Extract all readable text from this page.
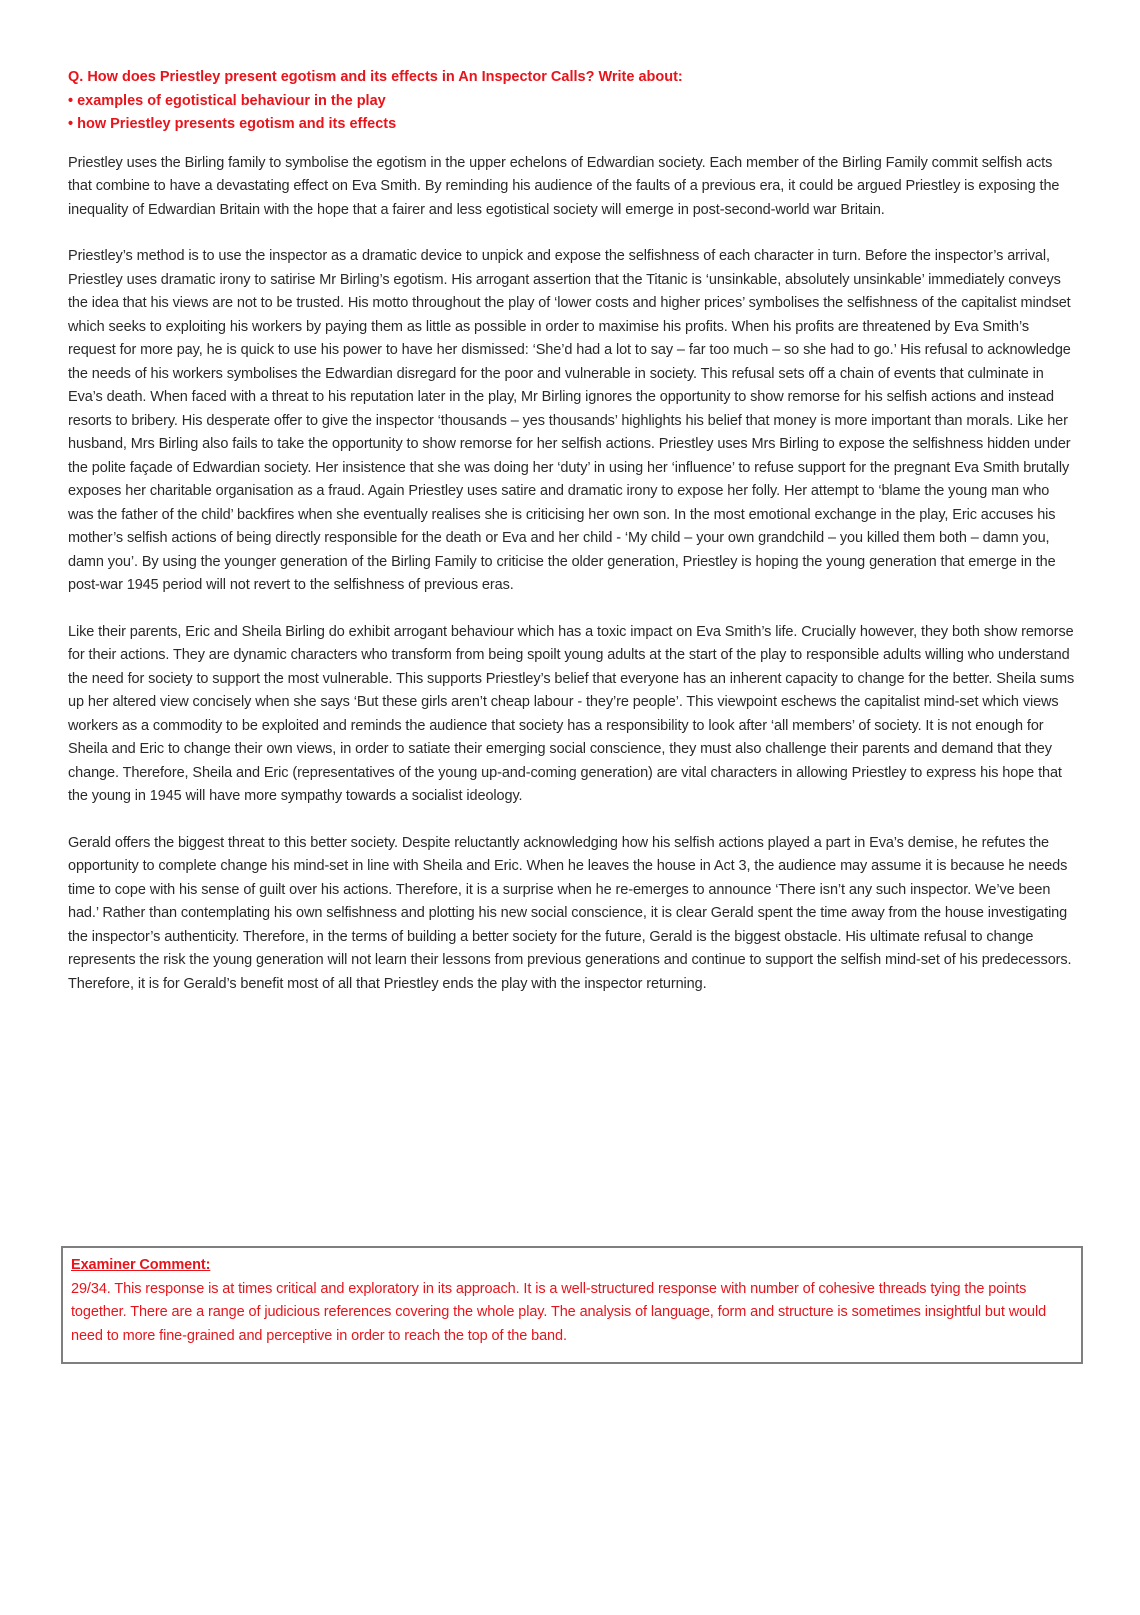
Q. How does Priestley present egotism and its effects in An Inspector Calls? Write about:
• examples of egotistical behaviour in the play
• how Priestley presents egotism and its effects

Priestley uses the Birling family to symbolise the egotism in the upper echelons of Edwardian society. Each member of the Birling Family commit selfish acts that combine to have a devastating effect on Eva Smith. By reminding his audience of the faults of a previous era, it could be argued Priestley is exposing the inequality of Edwardian Britain with the hope that a fairer and less egotistical society will emerge in post-second-world war Britain.

Priestley’s method is to use the inspector as a dramatic device to unpick and expose the selfishness of each character in turn. Before the inspector’s arrival, Priestley uses dramatic irony to satirise Mr Birling’s egotism. His arrogant assertion that the Titanic is ‘unsinkable, absolutely unsinkable’ immediately conveys the idea that his views are not to be trusted. His motto throughout the play of ‘lower costs and higher prices’ symbolises the selfishness of the capitalist mindset which seeks to exploiting his workers by paying them as little as possible in order to maximise his profits. When his profits are threatened by Eva Smith’s request for more pay, he is quick to use his power to have her dismissed: ‘She’d had a lot to say – far too much – so she had to go.’ His refusal to acknowledge the needs of his workers symbolises the Edwardian disregard for the poor and vulnerable in society. This refusal sets off a chain of events that culminate in Eva’s death. When faced with a threat to his reputation later in the play, Mr Birling ignores the opportunity to show remorse for his selfish actions and instead resorts to bribery. His desperate offer to give the inspector ‘thousands – yes thousands’ highlights his belief that money is more important than morals. Like her husband, Mrs Birling also fails to take the opportunity to show remorse for her selfish actions. Priestley uses Mrs Birling to expose the selfishness hidden under the polite façade of Edwardian society. Her insistence that she was doing her ‘duty’ in using her ‘influence’ to refuse support for the pregnant Eva Smith brutally exposes her charitable organisation as a fraud. Again Priestley uses satire and dramatic irony to expose her folly. Her attempt to ‘blame the young man who was the father of the child’ backfires when she eventually realises she is criticising her own son. In the most emotional exchange in the play, Eric accuses his mother’s selfish actions of being directly responsible for the death or Eva and her child - ‘My child – your own grandchild – you killed them both – damn you, damn you’. By using the younger generation of the Birling Family to criticise the older generation, Priestley is hoping the young generation that emerge in the post-war 1945 period will not revert to the selfishness of previous eras.

Like their parents, Eric and Sheila Birling do exhibit arrogant behaviour which has a toxic impact on Eva Smith’s life. Crucially however, they both show remorse for their actions. They are dynamic characters who transform from being spoilt young adults at the start of the play to responsible adults willing who understand the need for society to support the most vulnerable. This supports Priestley’s belief that everyone has an inherent capacity to change for the better. Sheila sums up her altered view concisely when she says ‘But these girls aren’t cheap labour - they’re people’. This viewpoint eschews the capitalist mind-set which views workers as a commodity to be exploited and reminds the audience that society has a responsibility to look after ‘all members’ of society. It is not enough for Sheila and Eric to change their own views, in order to satiate their emerging social conscience, they must also challenge their parents and demand that they change. Therefore, Sheila and Eric (representatives of the young up-and-coming generation) are vital characters in allowing Priestley to express his hope that the young in 1945 will have more sympathy towards a socialist ideology.

Gerald offers the biggest threat to this better society. Despite reluctantly acknowledging how his selfish actions played a part in Eva’s demise, he refutes the opportunity to complete change his mind-set in line with Sheila and Eric. When he leaves the house in Act 3, the audience may assume it is because he needs time to cope with his sense of guilt over his actions. Therefore, it is a surprise when he re-emerges to announce ‘There isn’t any such inspector. We’ve been had.’ Rather than contemplating his own selfishness and plotting his new social conscience, it is clear Gerald spent the time away from the house investigating the inspector’s authenticity. Therefore, in the terms of building a better society for the future, Gerald is the biggest obstacle. His ultimate refusal to change represents the risk the young generation will not learn their lessons from previous generations and continue to support the selfish mind-set of his predecessors. Therefore, it is for Gerald’s benefit most of all that Priestley ends the play with the inspector returning.

Examiner Comment:
29/34. This response is at times critical and exploratory in its approach. It is a well-structured response with number of cohesive threads tying the points together. There are a range of judicious references covering the whole play. The analysis of language, form and structure is sometimes insightful but would need to more fine-grained and perceptive in order to reach the top of the band.
